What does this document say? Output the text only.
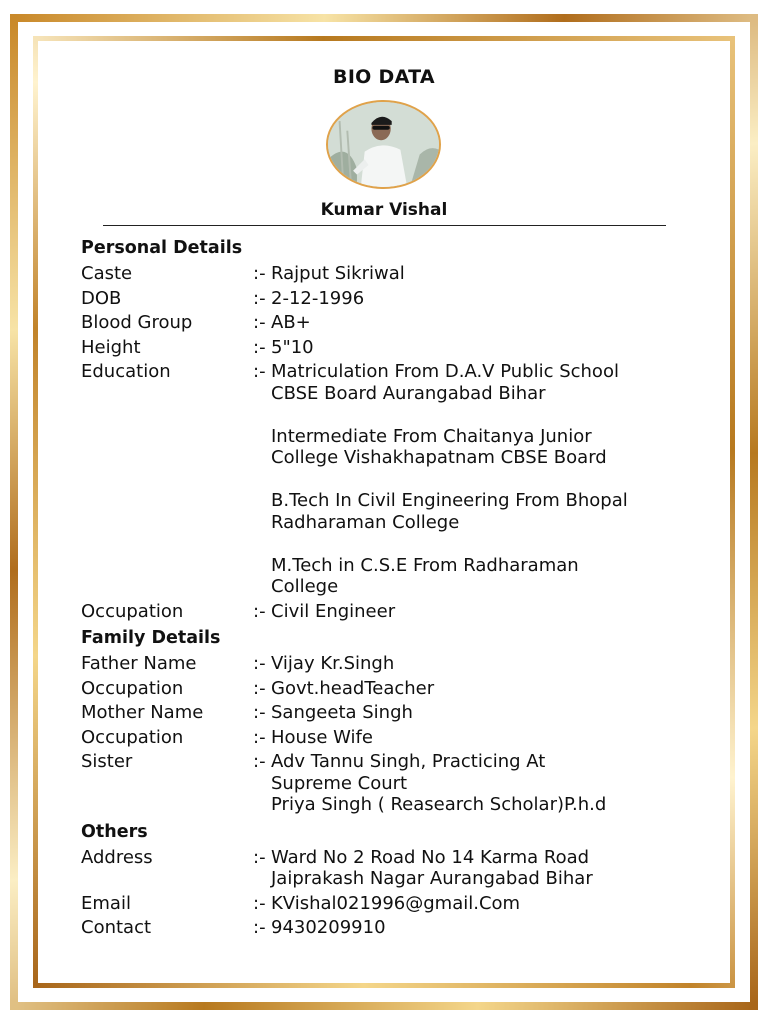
BIO DATA
Kumar Vishal
Personal Details
Caste	:- Rajput Sikriwal
DOB	:- 2-12-1996
Blood Group	:- AB+
Height	:- 5"10
Education	:- Matriculation From D.A.V Public School
CBSE Board Aurangabad Bihar
Intermediate From Chaitanya Junior
College Vishakhapatnam CBSE Board
B.Tech In Civil Engineering From Bhopal
Radharaman College
M.Tech in C.S.E From Radharaman
College
Occupation	:- Civil Engineer
Family Details
Father Name	:- Vijay Kr.Singh
Occupation	:- Govt.headTeacher
Mother Name	:- Sangeeta Singh
Occupation	:- House Wife
Sister	:- Adv Tannu Singh, Practicing At
Supreme Court
Priya Singh ( Reasearch Scholar)P.h.d
Others
Address	:- Ward No 2 Road No 14 Karma Road
Jaiprakash Nagar Aurangabad Bihar
Email	:- KVishal021996@gmail.Com
Contact	:- 9430209910
